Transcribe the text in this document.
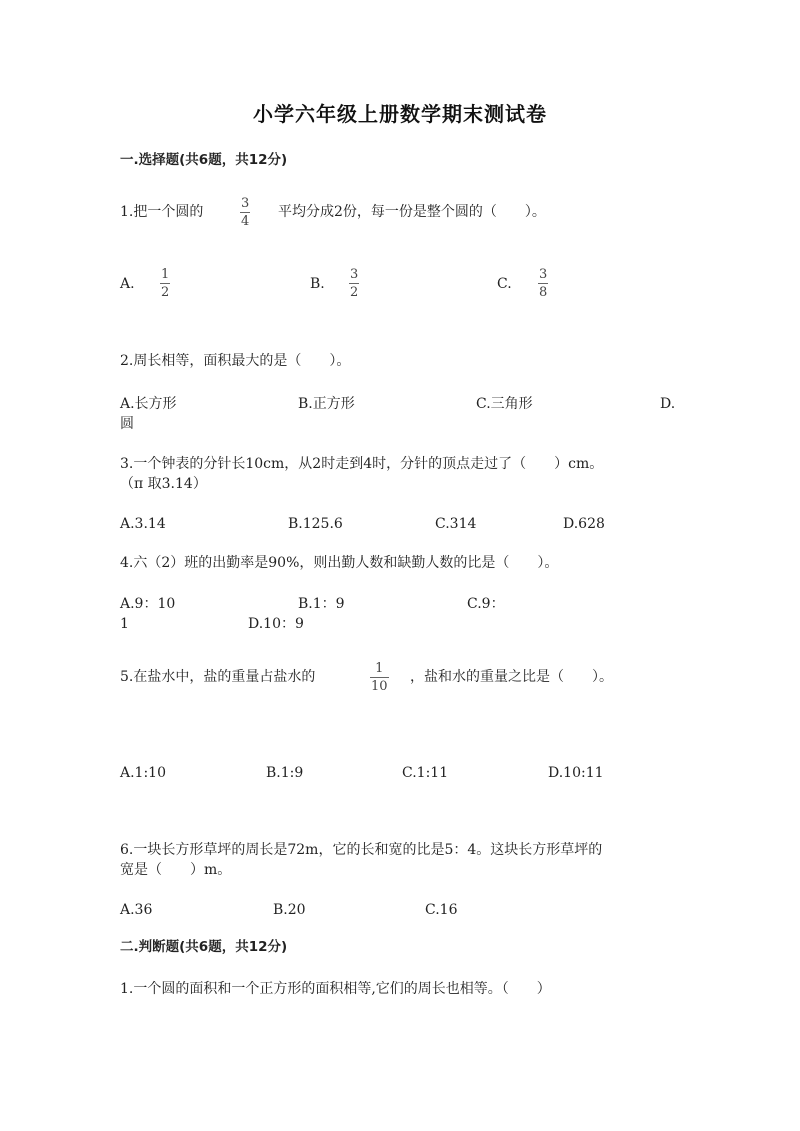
小学六年级上册数学期末测试卷
一.选择题(共6题，共12分)
1.把一个圆的
3
4
平均分成2份，每一份是整个圆的（　　）。
A.
1
2
B.
3
2
C.
3
8
2.周长相等，面积最大的是（　　）。
A.长方形	B.正方形	C.三角形	D.
圆
3.一个钟表的分针长10cm，从2时走到4时，分针的顶点走过了（　　）cm。
（π 取3.14）
A.3.14	B.125.6	C.314	D.628
4.六（2）班的出勤率是90%，则出勤人数和缺勤人数的比是（　　）。
A.9：10	B.1：9	C.9：
1	D.10：9
5.在盐水中，盐的重量占盐水的
1
10
，盐和水的重量之比是（　　）。
A.1:10	B.1:9	C.1:11	D.10:11
6.一块长方形草坪的周长是72m，它的长和宽的比是5：4。这块长方形草坪的
宽是（　　）m。
A.36	B.20	C.16
二.判断题(共6题，共12分)
1.一个圆的面积和一个正方形的面积相等,它们的周长也相等。（　　）
